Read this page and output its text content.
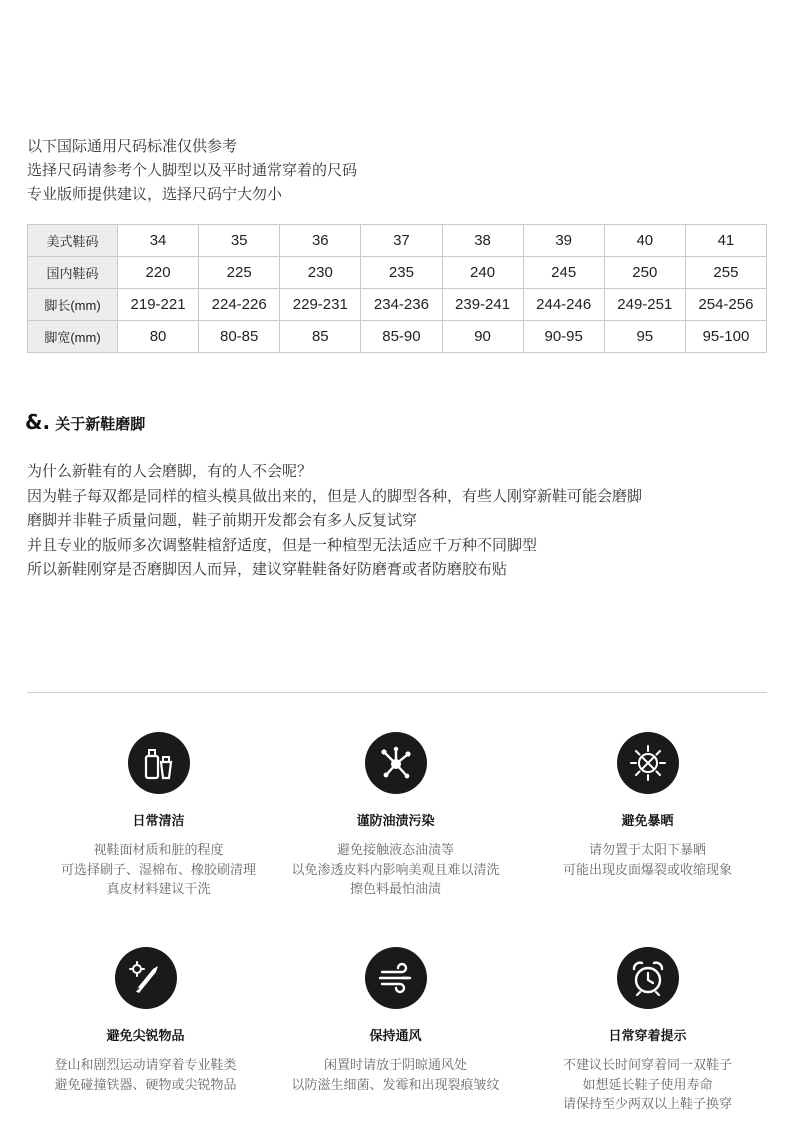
以下国际通用尺码标准仅供参考
选择尺码请参考个人脚型以及平时通常穿着的尺码
专业版师提供建议，选择尺码宁大勿小
美式鞋码	34	35	36	37	38	39	40	41
国内鞋码	220	225	230	235	240	245	250	255
脚长(mm)	219-221	224-226	229-231	234-236	239-241	244-246	249-251	254-256
脚宽(mm)	80	80-85	85	85-90	90	90-95	95	95-100
&. 关于新鞋磨脚
为什么新鞋有的人会磨脚，有的人不会呢？
因为鞋子每双都是同样的楦头模具做出来的，但是人的脚型各种，有些人刚穿新鞋可能会磨脚
磨脚并非鞋子质量问题，鞋子前期开发都会有多人反复试穿
并且专业的版师多次调整鞋楦舒适度，但是一种楦型无法适应千万种不同脚型
所以新鞋刚穿是否磨脚因人而异，建议穿鞋鞋备好防磨膏或者防磨胶布贴
日常清洁
视鞋面材质和脏的程度
可选择刷子、湿棉布、橡胶刷清理
真皮材料建议干洗
谨防油渍污染
避免接触液态油渍等
以免渗透皮料内影响美观且难以清洗
擦色料最怕油渍
避免暴晒
请勿置于太阳下暴晒
可能出现皮面爆裂或收缩现象
避免尖锐物品
登山和剧烈运动请穿着专业鞋类
避免碰撞铁器、硬物或尖锐物品
保持通风
闲置时请放于阴晾通风处
以防滋生细菌、发霉和出现裂痕皱纹
日常穿着提示
不建议长时间穿着同一双鞋子
如想延长鞋子使用寿命
请保持至少两双以上鞋子换穿
